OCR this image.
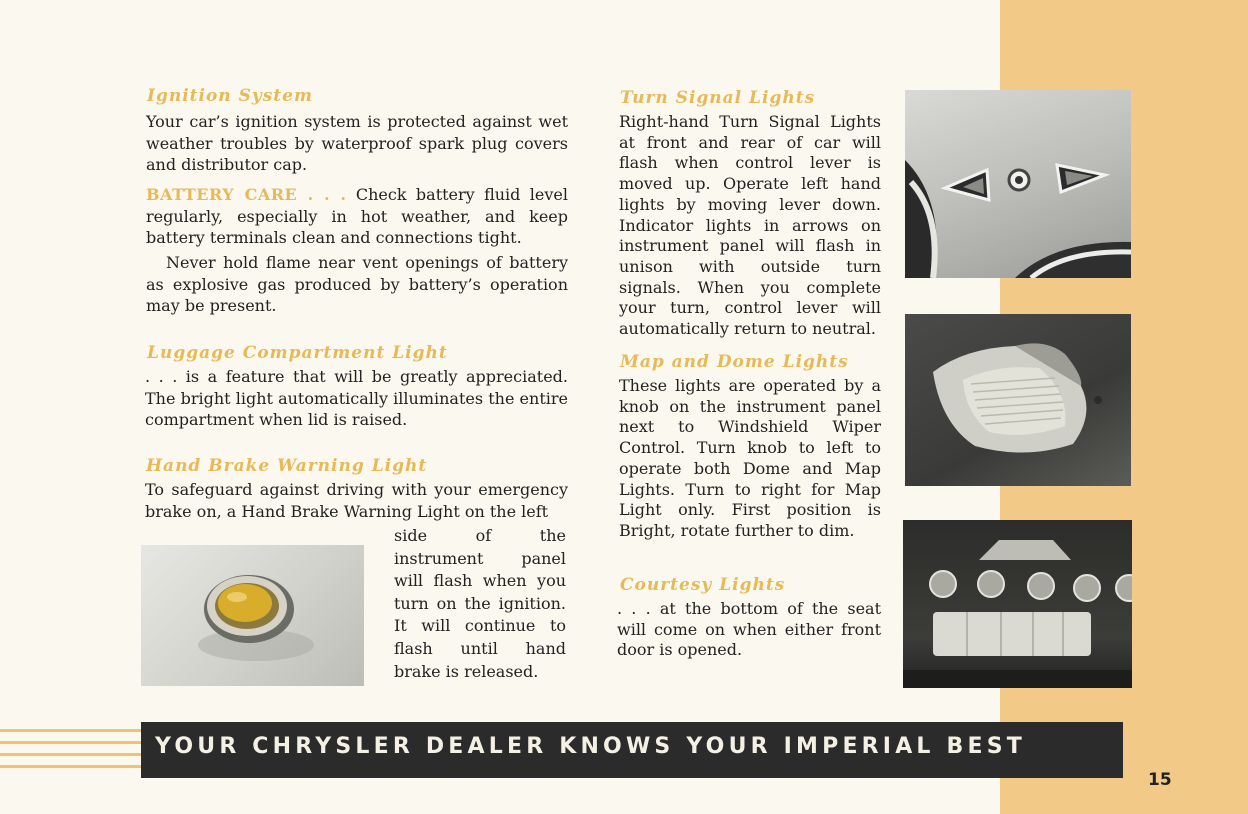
Ignition System
Your car’s ignition system is protected against wet weather troubles by waterproof spark plug covers and distributor cap.
BATTERY CARE . . . Check battery fluid level regularly, especially in hot weather, and keep battery terminals clean and connections tight.
Never hold flame near vent openings of battery as explosive gas produced by battery’s operation may be present.
Luggage Compartment Light
. . . is a feature that will be greatly appreciated. The bright light automatically illuminates the entire compartment when lid is raised.
Hand Brake Warning Light
To safeguard against driving with your emergency brake on, a Hand Brake Warning Light on the left
side of the instrument panel will flash when you turn on the ignition. It will continue to flash until hand brake is released.
Turn Signal Lights
Right-hand Turn Signal Lights at front and rear of car will flash when control lever is moved up. Operate left hand lights by moving lever down. Indicator lights in arrows on instrument panel will flash in unison with outside turn signals. When you complete your turn, control lever will automatically return to neutral.
Map and Dome Lights
These lights are operated by a knob on the instrument panel next to Windshield Wiper Control. Turn knob to left to operate both Dome and Map Lights. Turn to right for Map Light only. First position is Bright, rotate further to dim.
Courtesy Lights
. . . at the bottom of the seat will come on when either front door is opened.
YOUR CHRYSLER DEALER KNOWS YOUR IMPERIAL BEST
15
